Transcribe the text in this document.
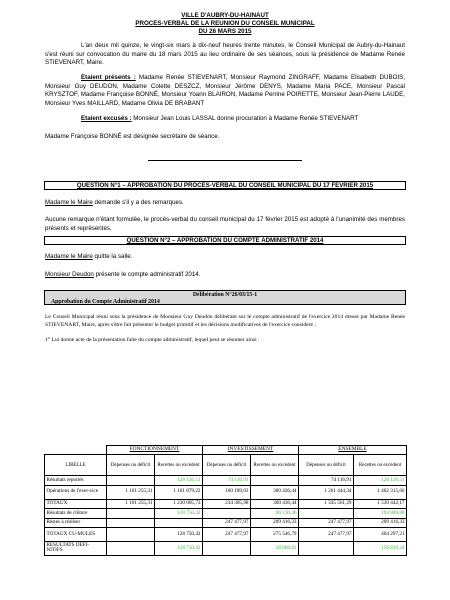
VILLE D'AUBRY-DU-HAINAUT
PROCES-VERBAL DE LA REUNION DU CONSEIL MUNICIPAL
DU 26 MARS 2015
L'an deux mil quinze, le vingt-six mars à dix-neuf heures trente minutes, le Conseil Municipal de Aubry-du-Hainaut s'est réuni sur convocation du maire du 18 mars 2015 au lieu ordinaire de ses séances, sous la présidence de Madame Renée STIEVENART, Maire.
Etaient présents : Madame Renée STIEVENART, Monsieur Raymond ZINGRAFF, Madame Elisabeth DUBOIS, Monsieur Guy DEUDON, Madame Colette DESZCZ, Monsieur Jérôme DENYS, Madame Maria PACE, Monsieur Pascal KRYSZTOF, Madame Françoise BONNÉ, Monsieur Yoann BLAIRON, Madame Perrine POIRETTE, Monsieur Jean-Pierre LAUDE, Monsieur Yves MAILLARD, Madame Olivia DE BRABANT
Etaient excusés : Monsieur Jean Louis LASSAL donne procuration à Madame Renée STIEVENART
Madame Françoise BONNÉ est désignée secrétaire de séance.
QUESTION N°1 – APPROBATION DU PROCES-VERBAL DU CONSEIL MUNICIPAL DU 17 FEVRIER 2015
Madame le Maire demande s'il y a des remarques.
Aucune remarque n'étant formulée, le procès-verbal du conseil municipal du 17 février 2015 est adopté à l'unanimité des membres présents et représentés.
QUESTION N°2 – APPROBATION DU COMPTE ADMINISTRATIF 2014
Madame le Maire quitte la salle.
Monsieur Deudon présente le compte administratif 2014.
Délibération N°26/03/15-1
Approbation du Compte Administratif 2014
Le Conseil Municipal réuni sous la présidence de Monsieur Guy Deudon délibérant sur le compte administratif de l'exercice 2014 dressé par Madame Renée STIEVENART, Maire, après s'être fait présenter le budget primitif et les décisions modificatives de l'exercice considéré ;
1° Lui donne acte de la présentation faite du compte administratif, lequel peut se résumer ainsi :
	FONCTIONNEMENT		INVESTISSEMENT		ENSEMBLE	
LIBELLE	Dépenses ou déficit	Recettes ou excédent	Dépenses ou déficit	Recettes ou excédent	Dépenses ou déficit	Recettes ou excédent
Résultats reportés		128 126,51	74 116,91		74 116,91	128 126,51
Opérations de l'exer-cice	1 101 255,31	1 101 879,22	160 189,03	300 436,44	1 261 444,34	1 402 315,66
TOTAUX	1 101 255,31	1 230 005,73	234 305,98	300 436,44	1 335 561,29	1 530 442,17
Résultats de clôture		128 750,42		66 130,46		194 880,88
Restes à réaliser			247 477,97	209 416,33	247 477,97	209 416,33
TOTAUX CU-MULES		128 750,42	247 477,97	275 546,79	247 477,97	404 297,21
RESULTATS DEFI-NITIFS		128 750,42		28 068,82		156 819,24
